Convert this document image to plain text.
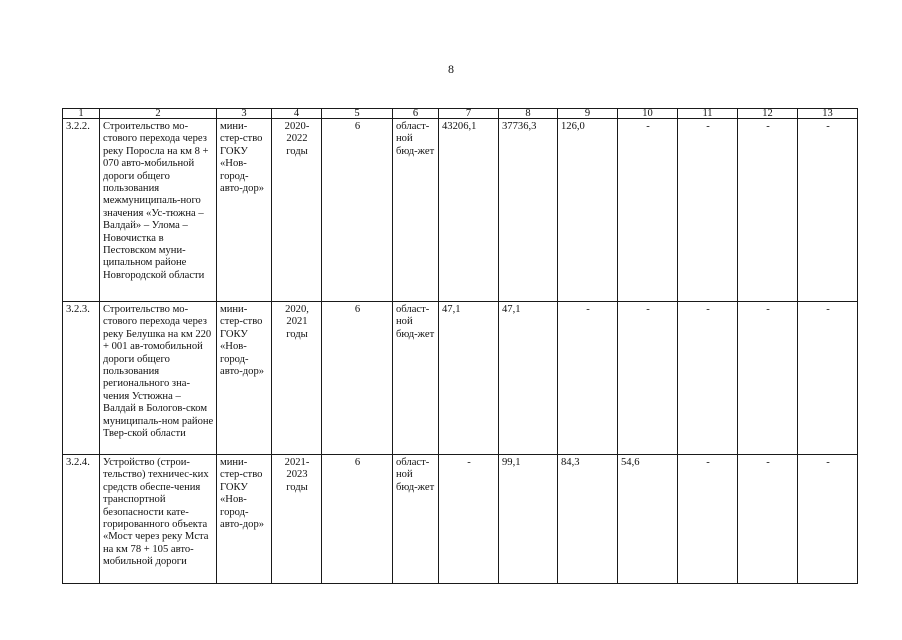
8
1	2	3	4	5	6	7	8	9	10	11	12	13
3.2.2.	Строительство мо-стового перехода через реку Поросла на км 8 + 070 авто-мобильной дороги общего пользования межмуниципаль-ного значения «Ус-тюжна – Валдай» – Улома – Новочистка в Пестовском муни-ципальном районе Новгородской области	мини-стер-ство ГОКУ «Нов-город-авто-дор»	2020-2022 годы	6	област-ной бюд-жет	43206,1	37736,3	126,0	-	-	-	-
3.2.3.	Строительство мо-стового перехода через реку Белушка на км 220 + 001 ав-томобильной дороги общего пользования регионального зна-чения Устюжна – Валдай в Бологов-ском муниципаль-ном районе Твер-ской области	мини-стер-ство ГОКУ «Нов-город-авто-дор»	2020, 2021 годы	6	област-ной бюд-жет	47,1	47,1	-	-	-	-	-
3.2.4.	Устройство (строи-тельство) техничес-ких средств обеспе-чения транспортной безопасности кате-горированного объекта «Мост через реку Мста на км 78 + 105 авто-мобильной дороги	мини-стер-ство ГОКУ «Нов-город-авто-дор»	2021-2023 годы	6	област-ной бюд-жет	-	99,1	84,3	54,6	-	-	-
